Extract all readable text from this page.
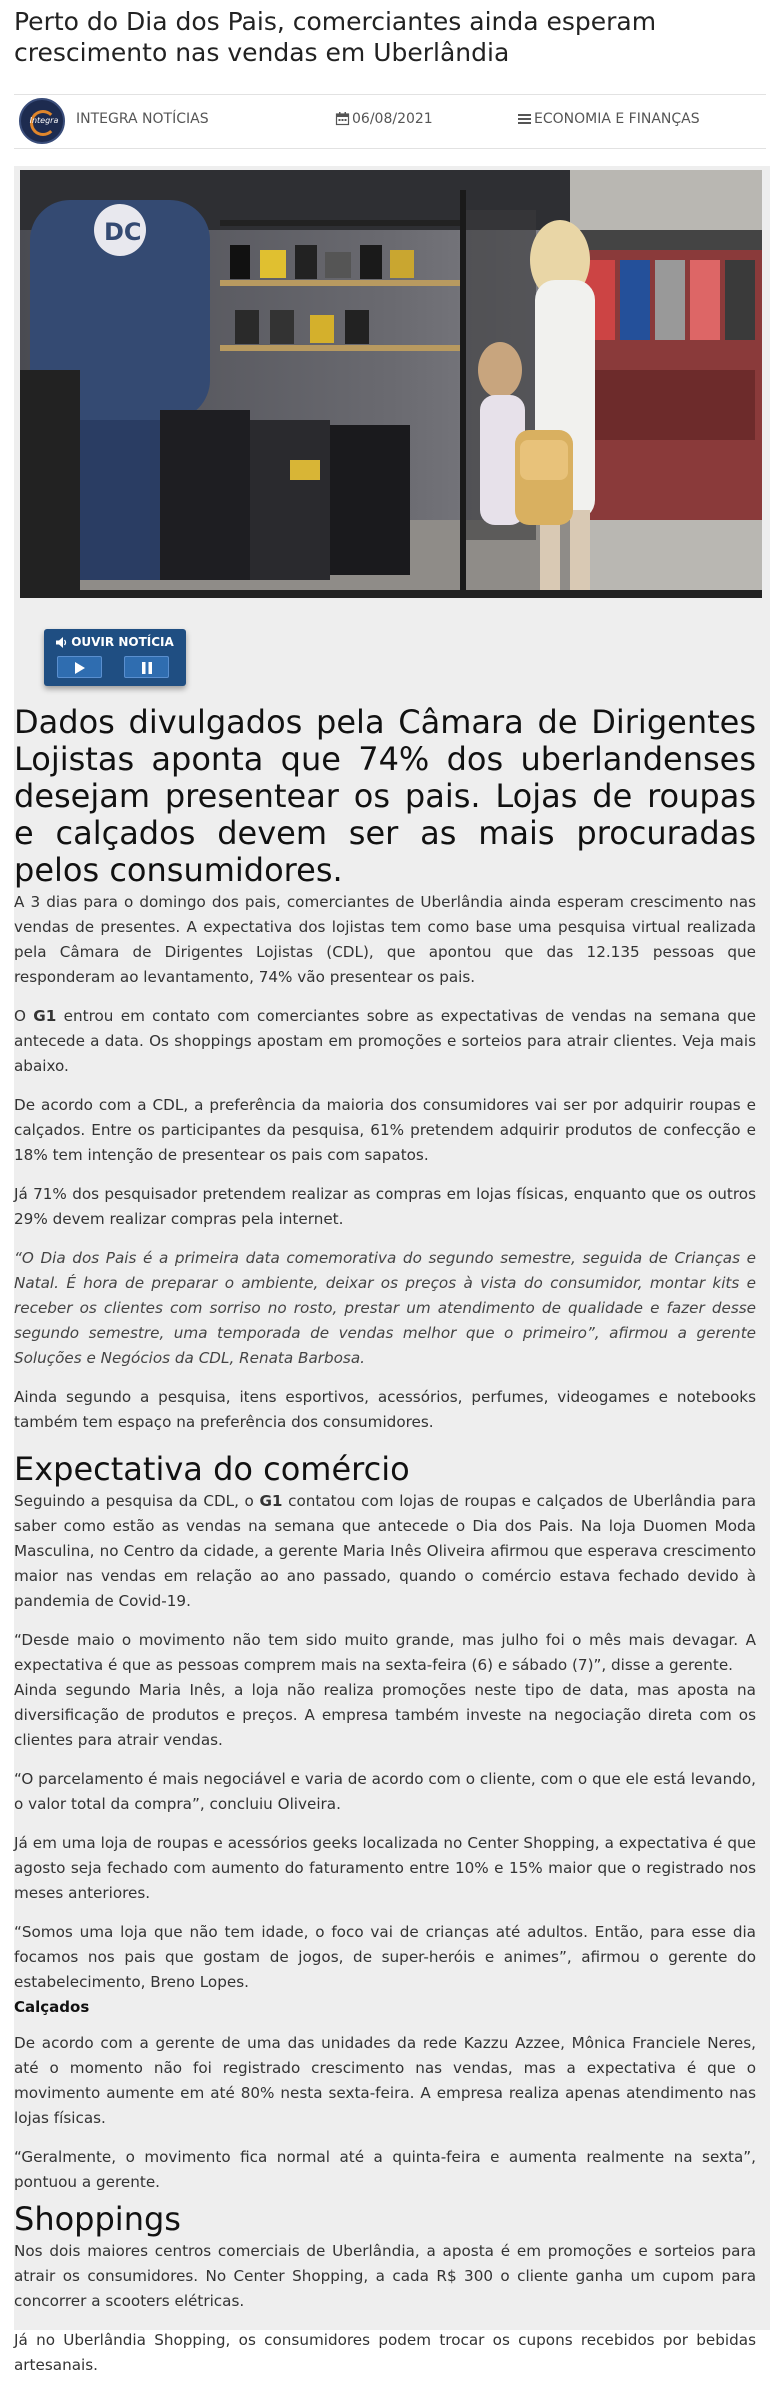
Perto do Dia dos Pais, comerciantes ainda esperam crescimento nas vendas em Uberlândia
Integra	INTEGRA NOTÍCIAS	06/08/2021	ECONOMIA E FINANÇAS
DC
OUVIR NOTÍCIA
Dados divulgados pela Câmara de Dirigentes Lojistas aponta que 74% dos uberlandenses desejam presentear os pais. Lojas de roupas e calçados devem ser as mais procuradas pelos consumidores.

A 3 dias para o domingo dos pais, comerciantes de Uberlândia ainda esperam crescimento nas vendas de presentes. A expectativa dos lojistas tem como base uma pesquisa virtual realizada pela Câmara de Dirigentes Lojistas (CDL), que apontou que das 12.135 pessoas que responderam ao levantamento, 74% vão presentear os pais.

O G1 entrou em contato com comerciantes sobre as expectativas de vendas na semana que antecede a data. Os shoppings apostam em promoções e sorteios para atrair clientes. Veja mais abaixo.

De acordo com a CDL, a preferência da maioria dos consumidores vai ser por adquirir roupas e calçados. Entre os participantes da pesquisa, 61% pretendem adquirir produtos de confecção e 18% tem intenção de presentear os pais com sapatos.

Já 71% dos pesquisador pretendem realizar as compras em lojas físicas, enquanto que os outros 29% devem realizar compras pela internet.

“O Dia dos Pais é a primeira data comemorativa do segundo semestre, seguida de Crianças e Natal. É hora de preparar o ambiente, deixar os preços à vista do consumidor, montar kits e receber os clientes com sorriso no rosto, prestar um atendimento de qualidade e fazer desse segundo semestre, uma temporada de vendas melhor que o primeiro”, afirmou a gerente Soluções e Negócios da CDL, Renata Barbosa.

Ainda segundo a pesquisa, itens esportivos, acessórios, perfumes, videogames e notebooks também tem espaço na preferência dos consumidores.

Expectativa do comércio

Seguindo a pesquisa da CDL, o G1 contatou com lojas de roupas e calçados de Uberlândia para saber como estão as vendas na semana que antecede o Dia dos Pais. Na loja Duomen Moda Masculina, no Centro da cidade, a gerente Maria Inês Oliveira afirmou que esperava crescimento maior nas vendas em relação ao ano passado, quando o comércio estava fechado devido à pandemia de Covid-19.

“Desde maio o movimento não tem sido muito grande, mas julho foi o mês mais devagar. A expectativa é que as pessoas comprem mais na sexta-feira (6) e sábado (7)”, disse a gerente.

Ainda segundo Maria Inês, a loja não realiza promoções neste tipo de data, mas aposta na diversificação de produtos e preços. A empresa também investe na negociação direta com os clientes para atrair vendas.

“O parcelamento é mais negociável e varia de acordo com o cliente, com o que ele está levando, o valor total da compra”, concluiu Oliveira.

Já em uma loja de roupas e acessórios geeks localizada no Center Shopping, a expectativa é que agosto seja fechado com aumento do faturamento entre 10% e 15% maior que o registrado nos meses anteriores.

“Somos uma loja que não tem idade, o foco vai de crianças até adultos. Então, para esse dia focamos nos pais que gostam de jogos, de super-heróis e animes”, afirmou o gerente do estabelecimento, Breno Lopes.

Calçados

De acordo com a gerente de uma das unidades da rede Kazzu Azzee, Mônica Franciele Neres, até o momento não foi registrado crescimento nas vendas, mas a expectativa é que o movimento aumente em até 80% nesta sexta-feira. A empresa realiza apenas atendimento nas lojas físicas.

“Geralmente, o movimento fica normal até a quinta-feira e aumenta realmente na sexta”, pontuou a gerente.

Shoppings

Nos dois maiores centros comerciais de Uberlândia, a aposta é em promoções e sorteios para atrair os consumidores. No Center Shopping, a cada R$ 300 o cliente ganha um cupom para concorrer a scooters elétricas.

Já no Uberlândia Shopping, os consumidores podem trocar os cupons recebidos por bebidas artesanais.
